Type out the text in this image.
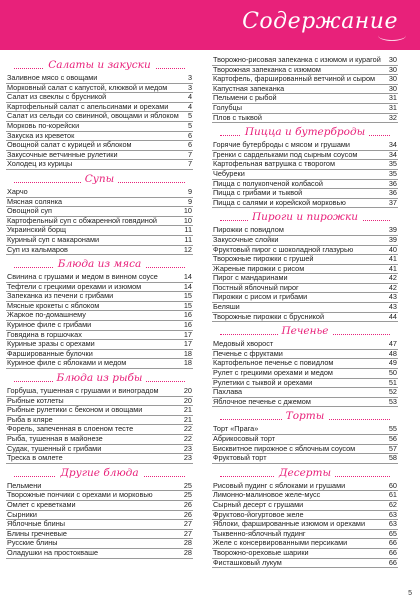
Содержание
Салаты и закуски
Заливное мясо с овощами	3
Морковный салат с капустой, клюквой и медом	3
Салат из свеклы с брусникой	4
Картофельный салат с апельсинами и орехами	4
Салат из сельди со свининой, овощами и яблоком	5
Морковь по-корейски	5
Закуска из креветок	6
Овощной салат с курицей и яблоком	6
Закусочные ветчинные рулетики	7
Холодец из курицы	7
Супы
Харчо	9
Мясная солянка	9
Овощной суп	10
Картофельный суп с обжаренной говядиной	10
Украинский борщ	11
Куриный суп с макаронами	11
Суп из кальмаров	12
Блюда из мяса
Свинина с грушами и медом в винном соусе	14
Тефтели с грецкими орехами и изюмом	14
Запеканка из печени с грибами	15
Мясные крокеты с яблоком	15
Жаркое по-домашнему	16
Куриное филе с грибами	16
Говядина в горшочках	17
Куриные зразы с орехами	17
Фаршированные булочки	18
Куриное филе с яблоками и медом	18
Блюда из рыбы
Горбуша, тушенная с грушами и виноградом	20
Рыбные котлеты	20
Рыбные рулетики с беконом и овощами	21
Рыба в кляре	21
Форель, запеченная в слоеном тесте	22
Рыба, тушенная в майонезе	22
Судак, тушенный с грибами	23
Треска в омлете	23
Другие блюда
Пельмени	25
Творожные пончики с орехами и морковью	25
Омлет с креветками	26
Сырники	26
Яблочные блины	27
Блины гречневые	27
Русские блины	28
Оладушки на простокваше	28
Творожно-рисовая запеканка с изюмом и курагой	30
Творожная запеканка с изюмом	30
Картофель, фаршированный ветчиной и сыром	30
Капустная запеканка	30
Пельмени с рыбой	31
Голубцы	31
Плов с тыквой	32
Пицца и бутерброды
Горячие бутерброды с мясом и грушами	34
Гренки с сардельками под сырным соусом	34
Картофельная ватрушка с творогом	35
Чебуреки	35
Пицца с полукопченой колбасой	36
Пицца с грибами и тыквой	36
Пицца с салями и корейской морковью	37
Пироги и пирожки
Пирожки с повидлом	39
Закусочные слойки	39
Фруктовый пирог с шоколадной глазурью	40
Творожные пирожки с грушей	41
Жареные пирожки с рисом	41
Пирог с мандаринами	42
Постный яблочный пирог	42
Пирожки с рисом и грибами	43
Беляши	43
Творожные пирожки с брусникой	44
Печенье
Медовый хворост	47
Печенье с фруктами	48
Картофельное печенье с повидлом	49
Рулет с грецкими орехами и медом	50
Рулетики с тыквой и орехами	51
Пахлава	52
Яблочное печенье с джемом	53
Торты
Торт «Прага»	55
Абрикосовый торт	56
Бисквитное пирожное с яблочным соусом	57
Фруктовый торт	58
Десерты
Рисовый пудинг с яблоками и грушами	60
Лимонно-малиновое желе-мусс	61
Сырный десерт с грушами	62
Фруктово-йогуртовое желе	63
Яблоки, фаршированные изюмом и орехами	63
Тыквенно-яблочный пудинг	65
Желе с консервированными персиками	66
Творожно-ореховые шарики	66
Фисташковый лукум	66
5
